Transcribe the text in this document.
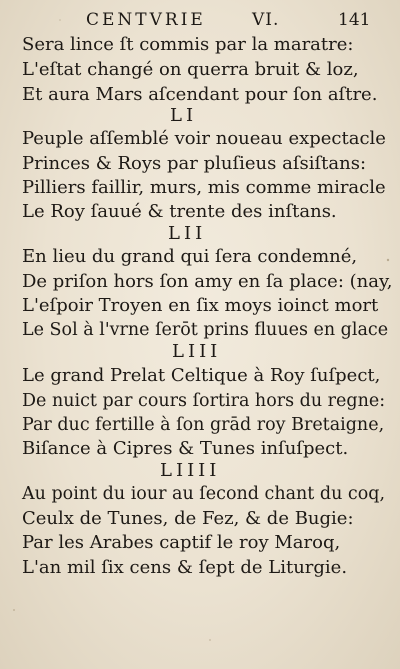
CENTVRIE	VI.	141
Sera lince ſt commis par la maratre:
L'eſtat changé on querra bruit & loz,
Et aura Mars aſcendant pour ſon aſtre.
LI
Peuple aſſemblé voir noueau expectacle
Princes & Roys par pluſieus aſsiſtans:
Pilliers faillir, murs, mis comme miracle
Le Roy ſauué & trente des inſtans.
LII
En lieu du grand qui ſera condemné,
De priſon hors ſon amy en ſa place: (nay,
L'eſpoir Troyen en ſix moys ioinct mort
Le Sol à l'vrne ſerōt prins fluues en glace
LIII
Le grand Prelat Celtique à Roy ſuſpect,
De nuict par cours ſortira hors du regne:
Par duc fertille à ſon grād roy Bretaigne,
Biſance à Cipres & Tunes inſuſpect.
LIIII
Au point du iour au ſecond chant du coq,
Ceulx de Tunes, de Fez, & de Bugie:
Par les Arabes captif le roy Maroq,
L'an mil ſix cens & ſept de Liturgie.
